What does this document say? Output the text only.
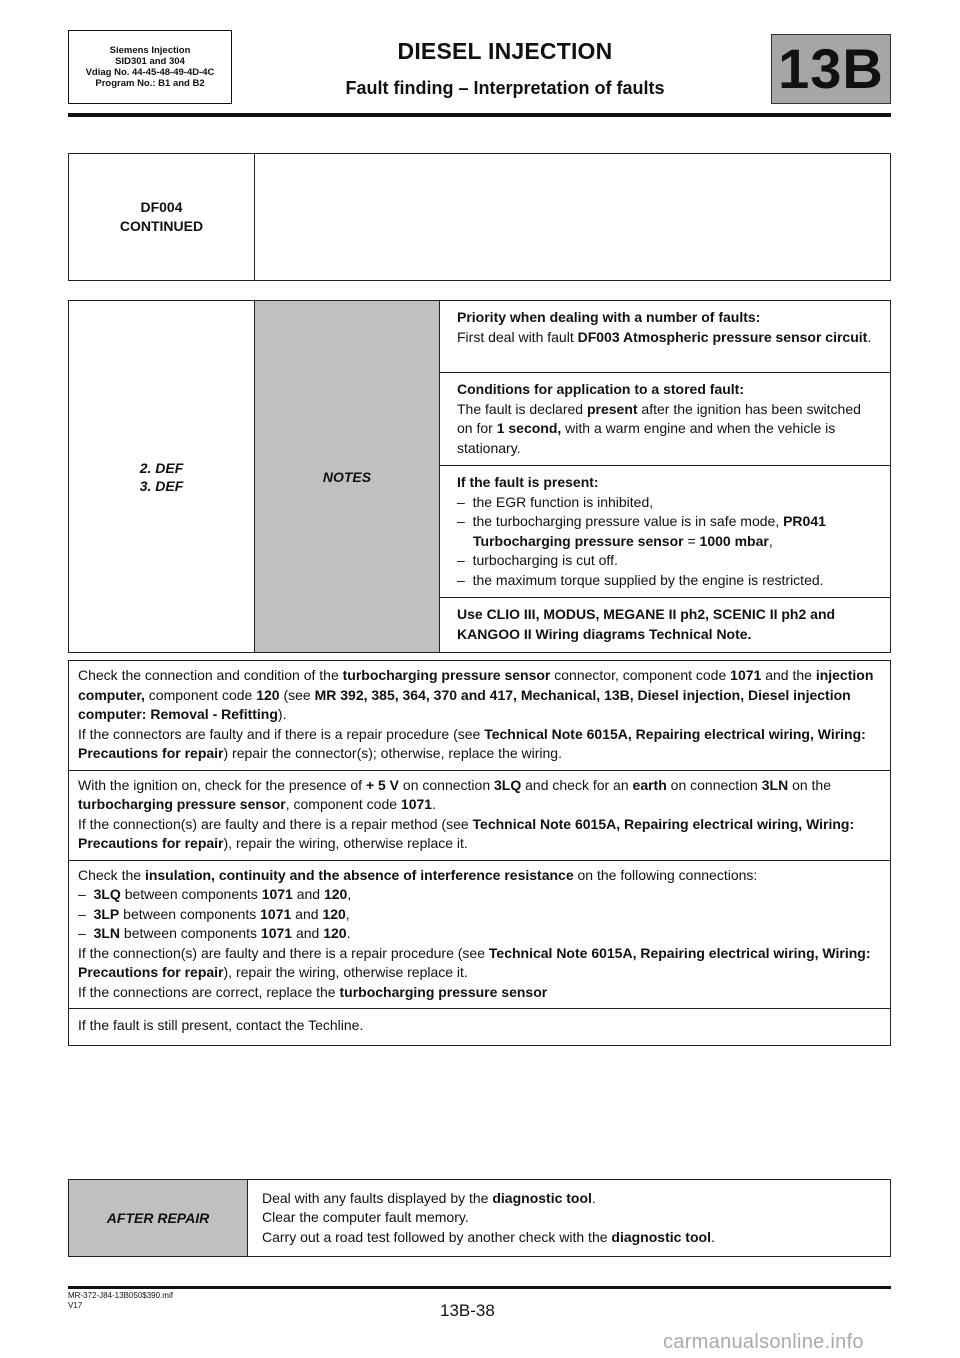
Siemens Injection
SID301 and 304
Vdiag No. 44-45-48-49-4D-4C
Program No.: B1 and B2
DIESEL INJECTION
Fault finding – Interpretation of faults	13B
DF004
CONTINUED

2. DEF
3. DEF
	NOTES	Priority when dealing with a number of faults:
First deal with fault DF003 Atmospheric pressure sensor circuit.
Conditions for application to a stored fault:
The fault is declared present after the ignition has been switched on for 1 second, with a warm engine and when the vehicle is stationary.
If the fault is present:
–  the EGR function is inhibited,
–  the turbocharging pressure value is in safe mode, PR041 Turbocharging pressure sensor = 1000 mbar,
–  turbocharging is cut off.
–  the maximum torque supplied by the engine is restricted.

Use CLIO III, MODUS, MEGANE II ph2, SCENIC II ph2 and KANGOO II Wiring diagrams Technical Note.
Check the connection and condition of the turbocharging pressure sensor connector, component code 1071 and the injection computer, component code 120 (see MR 392, 385, 364, 370 and 417, Mechanical, 13B, Diesel injection, Diesel injection computer: Removal - Refitting).
If the connectors are faulty and if there is a repair procedure (see Technical Note 6015A, Repairing electrical wiring, Wiring: Precautions for repair) repair the connector(s); otherwise, replace the wiring.
With the ignition on, check for the presence of + 5 V on connection 3LQ and check for an earth on connection 3LN on the turbocharging pressure sensor, component code 1071.
If the connection(s) are faulty and there is a repair method (see Technical Note 6015A, Repairing electrical wiring, Wiring: Precautions for repair), repair the wiring, otherwise replace it.
Check the insulation, continuity and the absence of interference resistance on the following connections:
–  3LQ between components 1071 and 120,
–  3LP between components 1071 and 120,
–  3LN between components 1071 and 120.
If the connection(s) are faulty and there is a repair procedure (see Technical Note 6015A, Repairing electrical wiring, Wiring: Precautions for repair), repair the wiring, otherwise replace it.
If the connections are correct, replace the turbocharging pressure sensor
If the fault is still present, contact the Techline.
AFTER REPAIR	Deal with any faults displayed by the diagnostic tool.
Clear the computer fault memory.
Carry out a road test followed by another check with the diagnostic tool.
MR-372-J84-13B050$390.mif
V17	13B-38
carmanualsonline.info
